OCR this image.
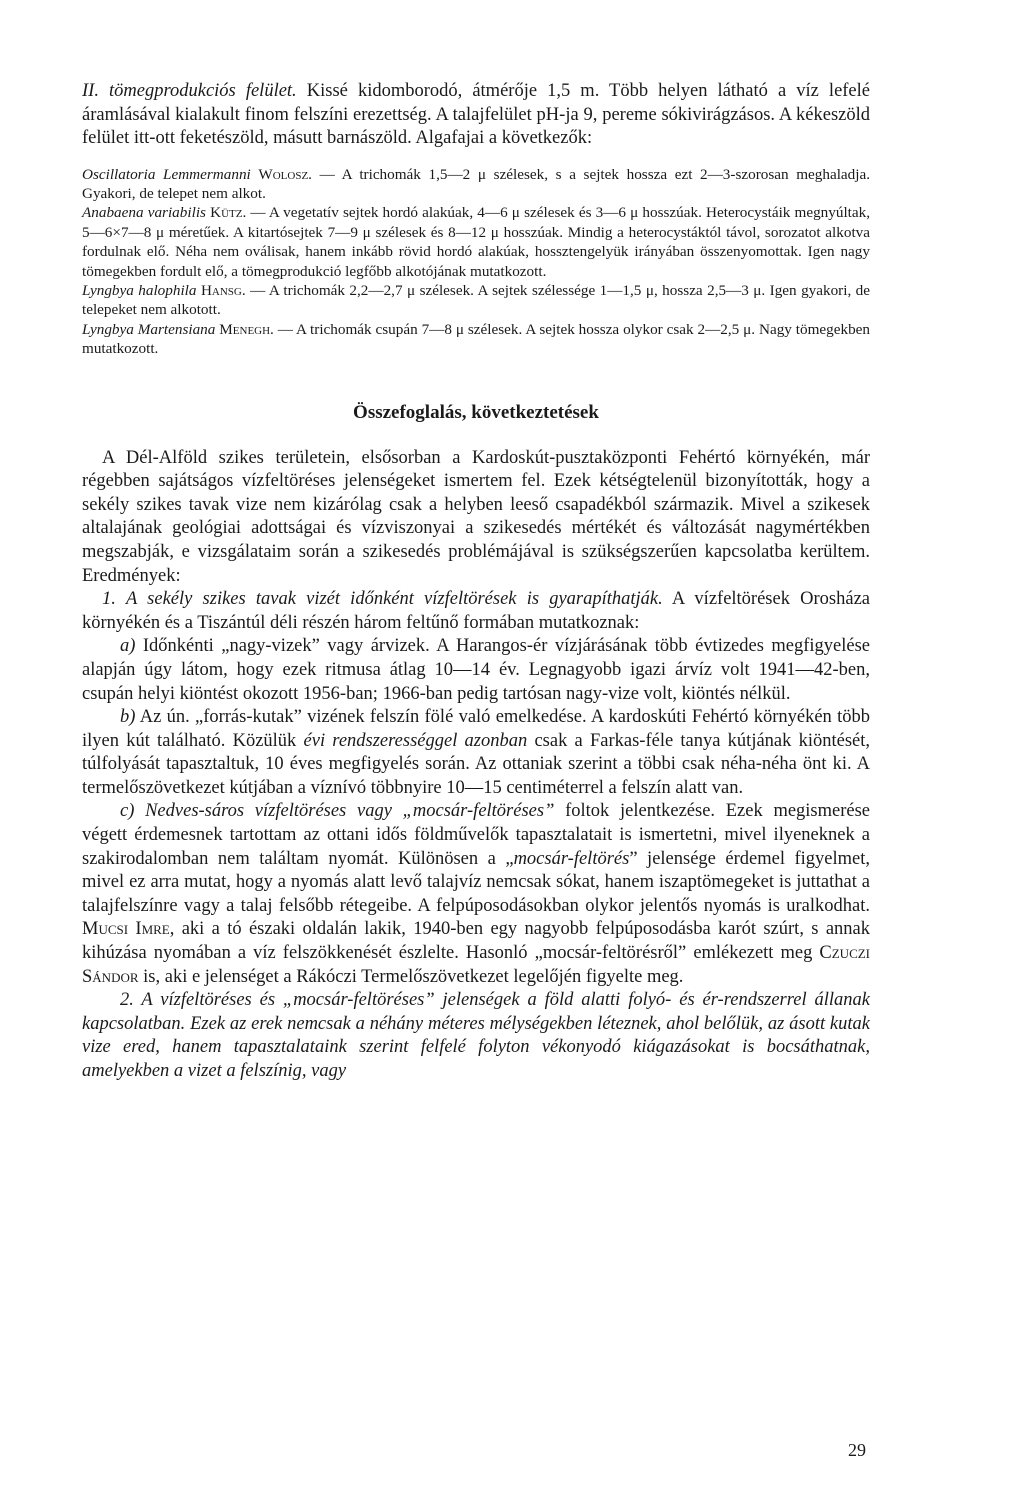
II. tömegprodukciós felület. Kissé kidomborodó, átmérője 1,5 m. Több helyen látható a víz lefelé áramlásával kialakult finom felszíni erezettség. A talajfelület pH-ja 9, pereme sókivirágzásos. A kékeszöld felület itt-ott feketészöld, másutt barnászöld. Algafajai a következők:

Oscillatoria Lemmermanni Wolosz. — A trichomák 1,5—2 μ szélesek, s a sejtek hossza ezt 2—3-szorosan meghaladja. Gyakori, de telepet nem alkot.

Anabaena variabilis Kütz. — A vegetatív sejtek hordó alakúak, 4—6 μ szélesek és 3—6 μ hosszúak. Heterocystáik megnyúltak, 5—6×7—8 μ méretűek. A kitartósejtek 7—9 μ szélesek és 8—12 μ hosszúak. Mindig a heterocystáktól távol, sorozatot alkotva fordulnak elő. Néha nem oválisak, hanem inkább rövid hordó alakúak, hossztengelyük irányában összenyomottak. Igen nagy tömegekben fordult elő, a tömegprodukció legfőbb alkotójának mutatkozott.

Lyngbya halophila Hansg. — A trichomák 2,2—2,7 μ szélesek. A sejtek szélessége 1—1,5 μ, hossza 2,5—3 μ. Igen gyakori, de telepeket nem alkotott.

Lyngbya Martensiana Menegh. — A trichomák csupán 7—8 μ szélesek. A sejtek hossza olykor csak 2—2,5 μ. Nagy tömegekben mutatkozott.

Összefoglalás, következtetések

A Dél-Alföld szikes területein, elsősorban a Kardoskút-pusztaközponti Fehértó környékén, már régebben sajátságos vízfeltöréses jelenségeket ismertem fel. Ezek kétségtelenül bizonyították, hogy a sekély szikes tavak vize nem kizárólag csak a helyben leeső csapadékból származik. Mivel a szikesek altalajának geológiai adottságai és vízviszonyai a szikesedés mértékét és változását nagymértékben megszabják, e vizsgálataim során a szikesedés problémájával is szükségszerűen kapcsolatba kerültem. Eredmények:

1. A sekély szikes tavak vizét időnként vízfeltörések is gyarapíthatják. A vízfeltörések Orosháza környékén és a Tiszántúl déli részén három feltűnő formában mutatkoznak:

a) Időnkénti „nagy-vizek” vagy árvizek. A Harangos-ér vízjárásának több évtizedes megfigyelése alapján úgy látom, hogy ezek ritmusa átlag 10—14 év. Legnagyobb igazi árvíz volt 1941—42-ben, csupán helyi kiöntést okozott 1956-ban; 1966-ban pedig tartósan nagy-vize volt, kiöntés nélkül.

b) Az ún. „forrás-kutak” vizének felszín fölé való emelkedése. A kardoskúti Fehértó környékén több ilyen kút található. Közülük évi rendszerességgel azonban csak a Farkas-féle tanya kútjának kiöntését, túlfolyását tapasztaltuk, 10 éves megfigyelés során. Az ottaniak szerint a többi csak néha-néha önt ki. A termelőszövetkezet kútjában a víznívó többnyire 10—15 centiméterrel a felszín alatt van.

c) Nedves-sáros vízfeltöréses vagy „mocsár-feltöréses” foltok jelentkezése. Ezek megismerése végett érdemesnek tartottam az ottani idős földművelők tapasztalatait is ismertetni, mivel ilyeneknek a szakirodalomban nem találtam nyomát. Különösen a „mocsár-feltörés” jelensége érdemel figyelmet, mivel ez arra mutat, hogy a nyomás alatt levő talajvíz nemcsak sókat, hanem iszaptömegeket is juttathat a talajfelszínre vagy a talaj felsőbb rétegeibe. A felpúposodásokban olykor jelentős nyomás is uralkodhat. Mucsi Imre, aki a tó északi oldalán lakik, 1940-ben egy nagyobb felpúposodásba karót szúrt, s annak kihúzása nyomában a víz felszökkenését észlelte. Hasonló „mocsár-feltörésről” emlékezett meg Czuczi Sándor is, aki e jelenséget a Rákóczi Termelőszövetkezet legelőjén figyelte meg.

2. A vízfeltöréses és „mocsár-feltöréses” jelenségek a föld alatti folyó- és ér-rendszerrel állanak kapcsolatban. Ezek az erek nemcsak a néhány méteres mélységekben léteznek, ahol belőlük, az ásott kutak vize ered, hanem tapasztalataink szerint felfelé folyton vékonyodó kiágazásokat is bocsáthatnak, amelyekben a vizet a felszínig, vagy

29
